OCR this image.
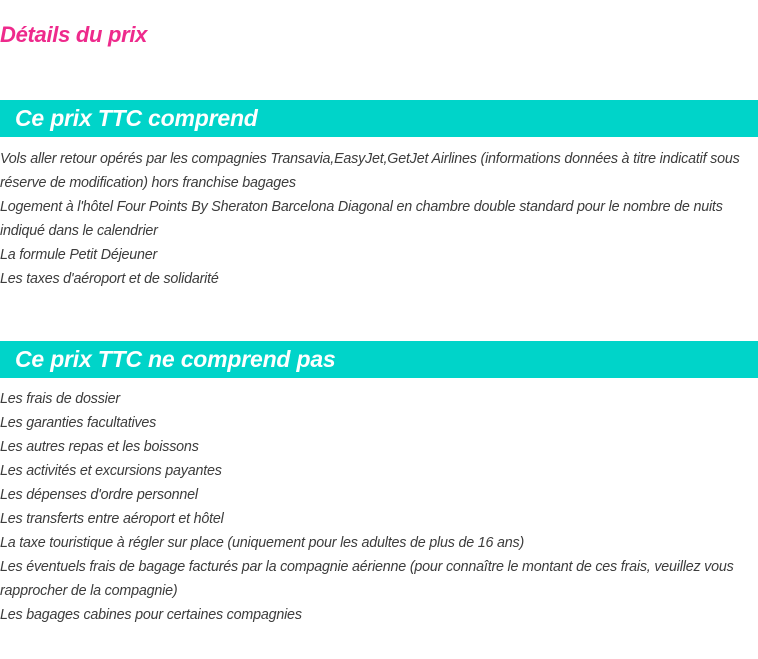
Détails du prix
Ce prix TTC comprend
Vols aller retour opérés par les compagnies Transavia,EasyJet,GetJet Airlines (informations données à titre indicatif sous réserve de modification) hors franchise bagages
Logement à l'hôtel Four Points By Sheraton Barcelona Diagonal en chambre double standard pour le nombre de nuits indiqué dans le calendrier
La formule Petit Déjeuner
Les taxes d'aéroport et de solidarité
Ce prix TTC ne comprend pas
Les frais de dossier
Les garanties facultatives
Les autres repas et les boissons
Les activités et excursions payantes
Les dépenses d'ordre personnel
Les transferts entre aéroport et hôtel
La taxe touristique à régler sur place (uniquement pour les adultes de plus de 16 ans)
Les éventuels frais de bagage facturés par la compagnie aérienne (pour connaître le montant de ces frais, veuillez vous rapprocher de la compagnie)
Les bagages cabines pour certaines compagnies
